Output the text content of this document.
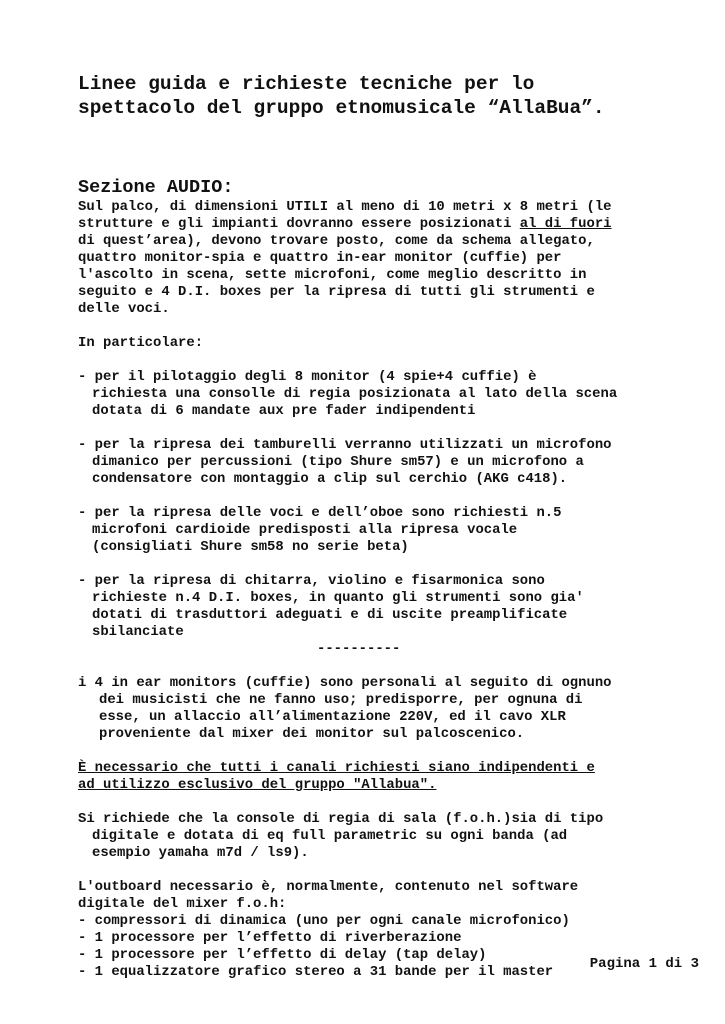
Linee guida e richieste tecniche per lo
spettacolo del gruppo etnomusicale “AllaBua”.
Sezione AUDIO:
Sul palco, di dimensioni UTILI al meno di 10 metri x 8 metri (le
strutture e gli impianti dovranno essere posizionati al di fuori
di quest’area), devono trovare posto, come da schema allegato,
quattro monitor-spia e quattro in-ear monitor (cuffie) per
l'ascolto in scena, sette microfoni, come meglio descritto in
seguito e 4 D.I. boxes per la ripresa di tutti gli strumenti e
delle voci.
In particolare:
- per il pilotaggio degli 8 monitor (4 spie+4 cuffie) è
richiesta una consolle di regia posizionata al lato della scena
dotata di 6 mandate aux pre fader indipendenti
- per la ripresa dei tamburelli verranno utilizzati un microfono
dimanico per percussioni (tipo Shure sm57) e un microfono a
condensatore con montaggio a clip sul cerchio (AKG c418).
- per la ripresa delle voci e dell’oboe sono richiesti n.5
microfoni cardioide predisposti alla ripresa vocale
(consigliati Shure sm58 no serie beta)
- per la ripresa di chitarra, violino e fisarmonica sono
richieste n.4 D.I. boxes, in quanto gli strumenti sono gia'
dotati di trasduttori adeguati e di uscite preamplificate
sbilanciate
----------
i 4 in ear monitors (cuffie) sono personali al seguito di ognuno
dei musicisti che ne fanno uso; predisporre, per ognuna di
esse, un allaccio all’alimentazione 220V, ed il cavo XLR
proveniente dal mixer dei monitor sul palcoscenico.
È necessario che tutti i canali richiesti siano indipendenti e
ad utilizzo esclusivo del gruppo "Allabua".
Si richiede che la console di regia di sala (f.o.h.)sia di tipo
digitale e dotata di eq full parametric su ogni banda (ad
esempio yamaha m7d / ls9).
L'outboard necessario è, normalmente, contenuto nel software
digitale del mixer f.o.h:
- compressori di dinamica (uno per ogni canale microfonico)
- 1 processore per l’effetto di riverberazione
- 1 processore per l’effetto di delay (tap delay)
- 1 equalizzatore grafico stereo a 31 bande per il master	Pagina 1 di 3
